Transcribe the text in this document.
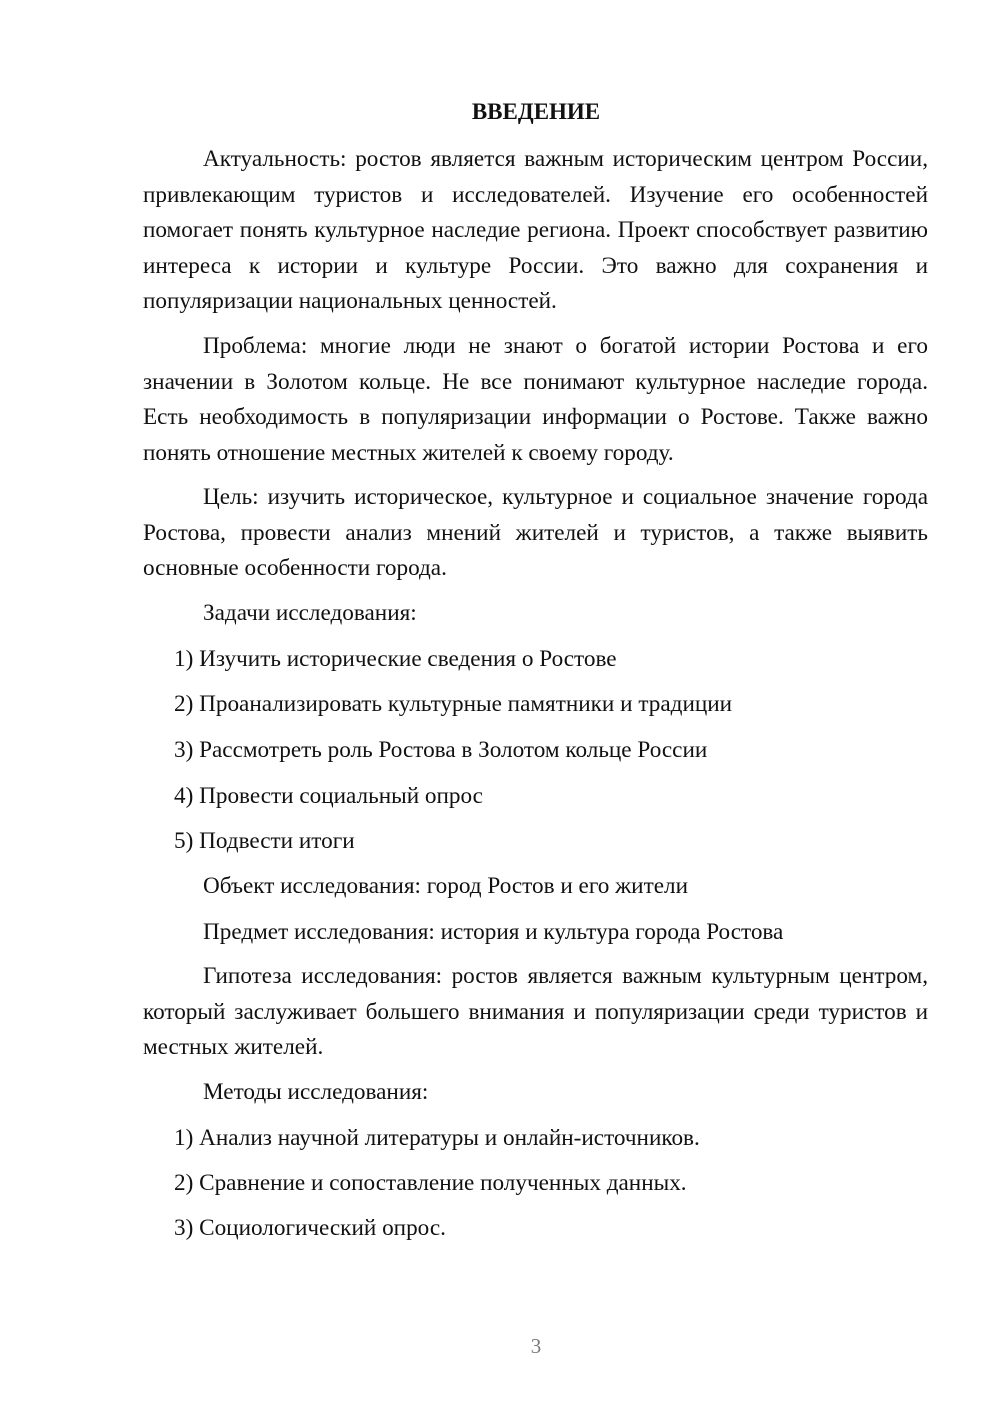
ВВЕДЕНИЕ

Актуальность: ростов является важным историческим центром России, привлекающим туристов и исследователей. Изучение его особенностей помогает понять культурное наследие региона. Проект способствует развитию интереса к истории и культуре России. Это важно для сохранения и популяризации национальных ценностей.

Проблема: многие люди не знают о богатой истории Ростова и его значении в Золотом кольце. Не все понимают культурное наследие города. Есть необходимость в популяризации информации о Ростове. Также важно понять отношение местных жителей к своему городу.

Цель: изучить историческое, культурное и социальное значение города Ростова, провести анализ мнений жителей и туристов, а также выявить основные особенности города.

Задачи исследования:
1) Изучить исторические сведения о Ростове
2) Проанализировать культурные памятники и традиции
3) Рассмотреть роль Ростова в Золотом кольце России
4) Провести социальный опрос
5) Подвести итоги
Объект исследования: город Ростов и его жители
Предмет исследования: история и культура города Ростова

Гипотеза исследования: ростов является важным культурным центром, который заслуживает большего внимания и популяризации среди туристов и местных жителей.

Методы исследования:
1) Анализ научной литературы и онлайн-источников.
2) Сравнение и сопоставление полученных данных.
3) Социологический опрос.
3
